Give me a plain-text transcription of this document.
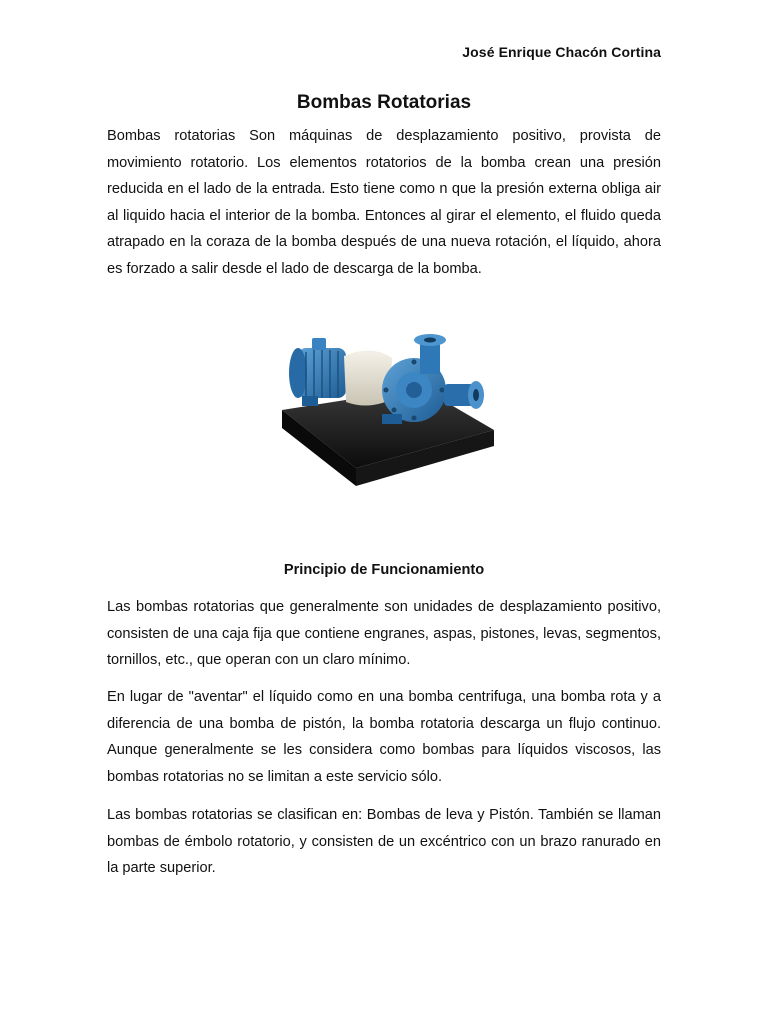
José Enrique Chacón Cortina
Bombas Rotatorias

Bombas rotatorias Son máquinas de desplazamiento positivo, provista de movimiento rotatorio. Los elementos rotatorios de la bomba crean una presión reducida en el lado de la entrada. Esto tiene como n que la presión externa obliga air al liquido hacia el interior de la bomba. Entonces al girar el elemento, el fluido queda atrapado en la coraza de la bomba después de una nueva rotación, el líquido, ahora es forzado a salir desde el lado de descarga de la bomba.

Principio de Funcionamiento

Las bombas rotatorias que generalmente son unidades de desplazamiento positivo, consisten de una caja fija que contiene engranes, aspas, pistones, levas, segmentos, tornillos, etc., que operan con un claro mínimo.

En lugar de "aventar" el líquido como en una bomba centrifuga, una bomba rota y a diferencia de una bomba de pistón, la bomba rotatoria descarga un flujo continuo. Aunque generalmente se les considera como bombas para líquidos viscosos, las bombas rotatorias no se limitan a este servicio sólo.

Las bombas rotatorias se clasifican en: Bombas de leva y Pistón. También se llaman bombas de émbolo rotatorio, y consisten de un excéntrico con un brazo ranurado en la parte superior.
